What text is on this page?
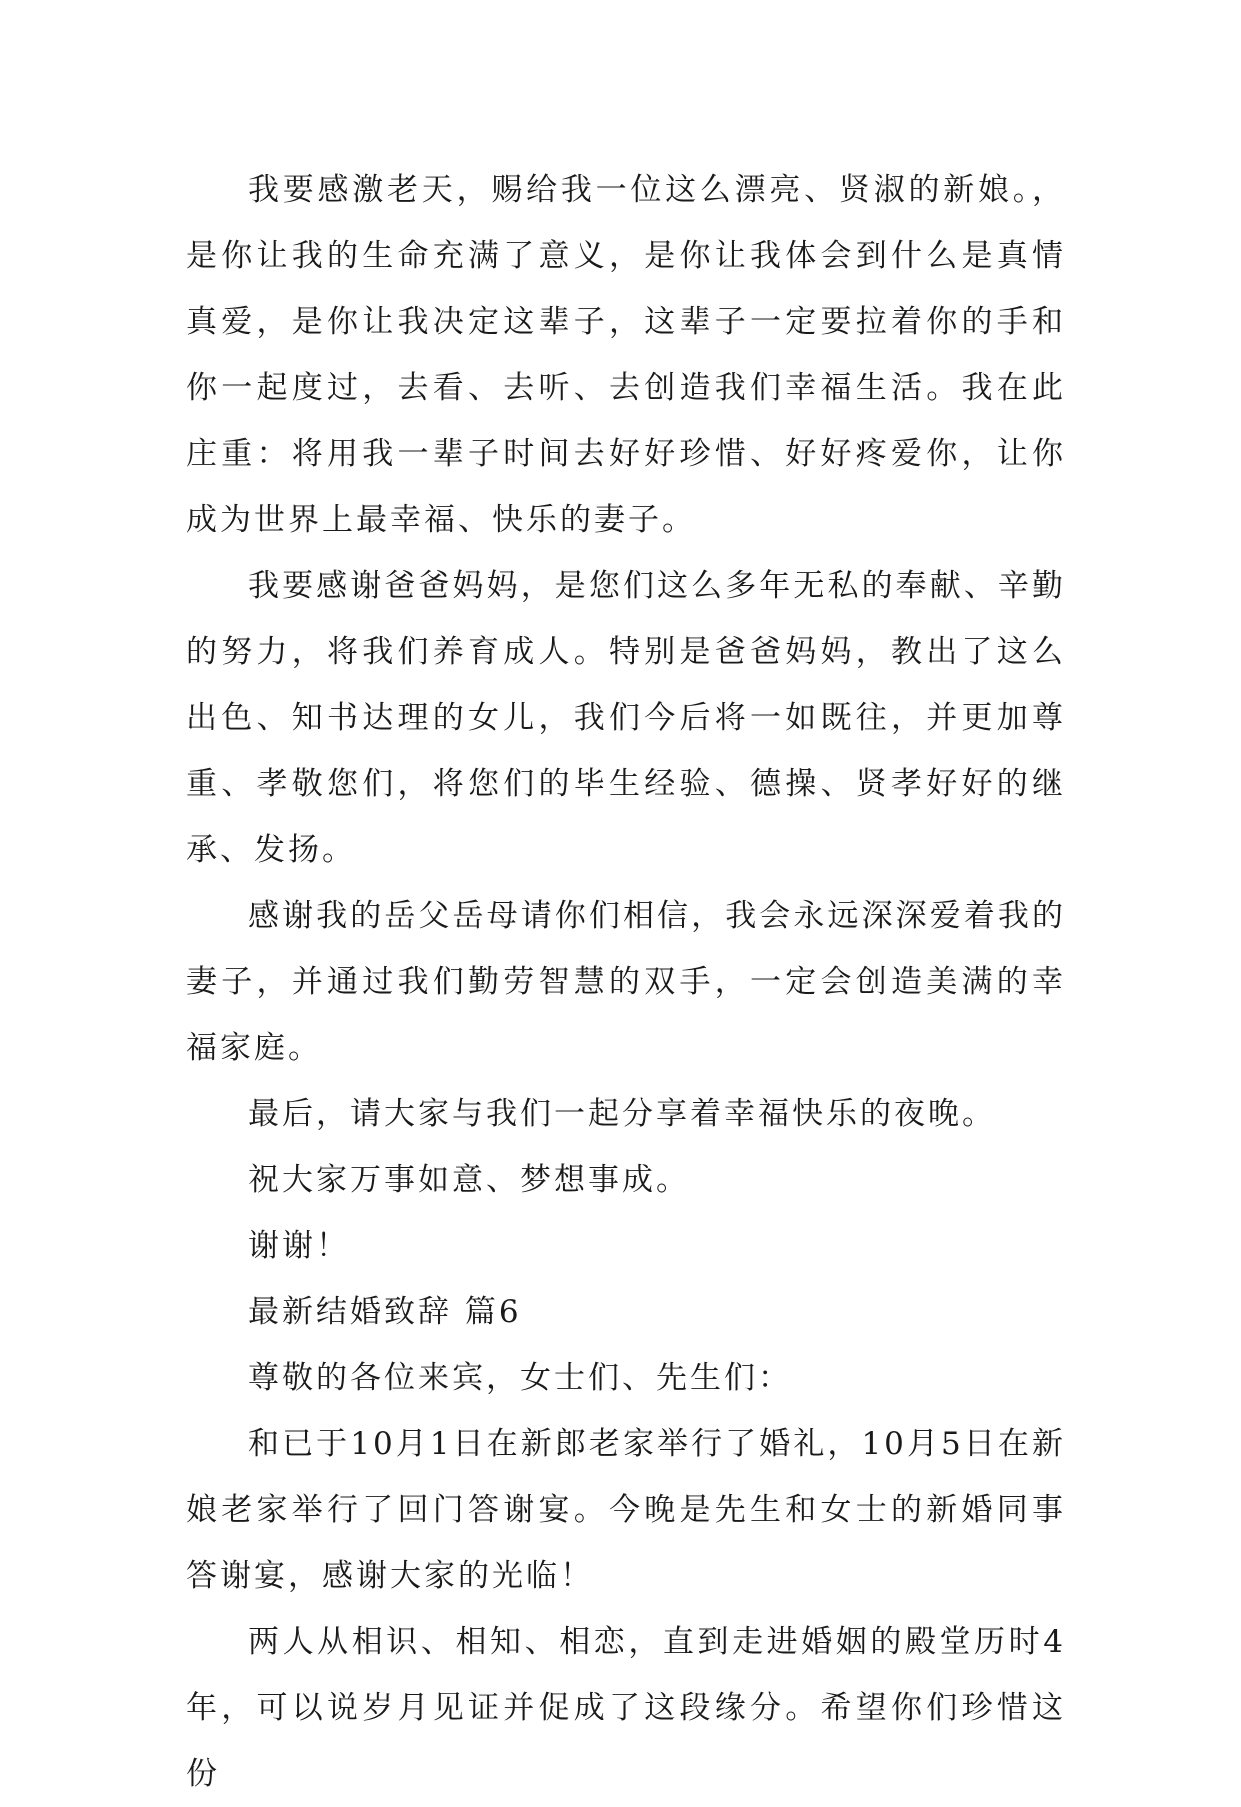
我要感激老天，赐给我一位这么漂亮、贤淑的新娘。，是你让我的生命充满了意义，是你让我体会到什么是真情真爱，是你让我决定这辈子，这辈子一定要拉着你的手和你一起度过，去看、去听、去创造我们幸福生活。我在此庄重：将用我一辈子时间去好好珍惜、好好疼爱你，让你成为世界上最幸福、快乐的妻子。

我要感谢爸爸妈妈，是您们这么多年无私的奉献、辛勤的努力，将我们养育成人。特别是爸爸妈妈，教出了这么出色、知书达理的女儿，我们今后将一如既往，并更加尊重、孝敬您们，将您们的毕生经验、德操、贤孝好好的继承、发扬。

感谢我的岳父岳母请你们相信，我会永远深深爱着我的妻子，并通过我们勤劳智慧的双手，一定会创造美满的幸福家庭。

最后，请大家与我们一起分享着幸福快乐的夜晚。

祝大家万事如意、梦想事成。

谢谢！

最新结婚致辞 篇6

尊敬的各位来宾，女士们、先生们：

和已于10月1日在新郎老家举行了婚礼，10月5日在新娘老家举行了回门答谢宴。今晚是先生和女士的新婚同事答谢宴，感谢大家的光临！

两人从相识、相知、相恋，直到走进婚姻的殿堂历时4年，可以说岁月见证并促成了这段缘分。希望你们珍惜这份
